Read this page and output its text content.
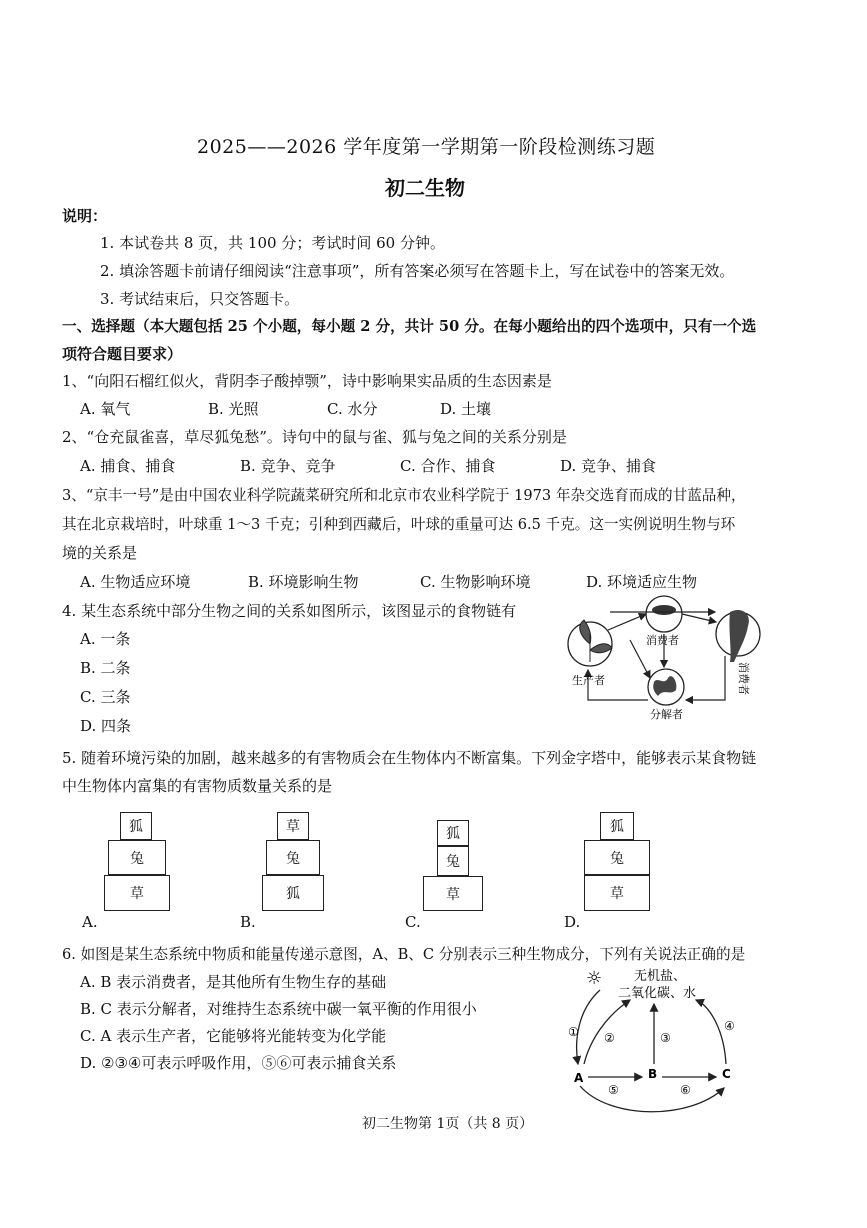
2025——2026 学年度第一学期第一阶段检测练习题
初二生物
说明：
1. 本试卷共 8 页，共 100 分；考试时间 60 分钟。
2. 填涂答题卡前请仔细阅读“注意事项”，所有答案必须写在答题卡上，写在试卷中的答案无效。
3. 考试结束后，只交答题卡。
一、选择题（本大题包括 25 个小题，每小题 2 分，共计 50 分。在每小题给出的四个选项中，只有一个选
项符合题目要求）
1、“向阳石榴红似火，背阴李子酸掉颚”，诗中影响果实品质的生态因素是
A. 氧气	B. 光照	C. 水分	D. 土壤
2、“仓充鼠雀喜，草尽狐兔愁”。诗句中的鼠与雀、狐与兔之间的关系分别是
A. 捕食、捕食	B. 竞争、竞争	C. 合作、捕食	D. 竞争、捕食
3、“京丰一号”是由中国农业科学院蔬菜研究所和北京市农业科学院于 1973 年杂交选育而成的甘蓝品种，
其在北京栽培时，叶球重 1～3 千克；引种到西藏后，叶球的重量可达 6.5 千克。这一实例说明生物与环
境的关系是
A. 生物适应环境	B. 环境影响生物	C. 生物影响环境	D. 环境适应生物
4. 某生态系统中部分生物之间的关系如图所示，该图显示的食物链有
A. 一条
B. 二条
C. 三条
D. 四条
生产者
消费者
分解者
消费者
5. 随着环境污染的加剧，越来越多的有害物质会在生物体内不断富集。下列金字塔中，能够表示某食物链
中生物体内富集的有害物质数量关系的是
狐
兔
草
A.
草
兔
狐
B.
狐
兔
草
C.
狐
兔
草
D.
6. 如图是某生态系统中物质和能量传递示意图，A、B、C 分别表示三种生物成分，下列有关说法正确的是
A. B 表示消费者，是其他所有生物生存的基础
B. C 表示分解者，对维持生态系统中碳一氧平衡的作用很小
C. A 表示生产者，它能够将光能转变为化学能
D. ②③④可表示呼吸作用，⑤⑥可表示捕食关系
☼ 无机盐、
二氧化碳、水
A	B	C
① ②	③
④
⑤	⑥
初二生物第 1页（共 8 页）
